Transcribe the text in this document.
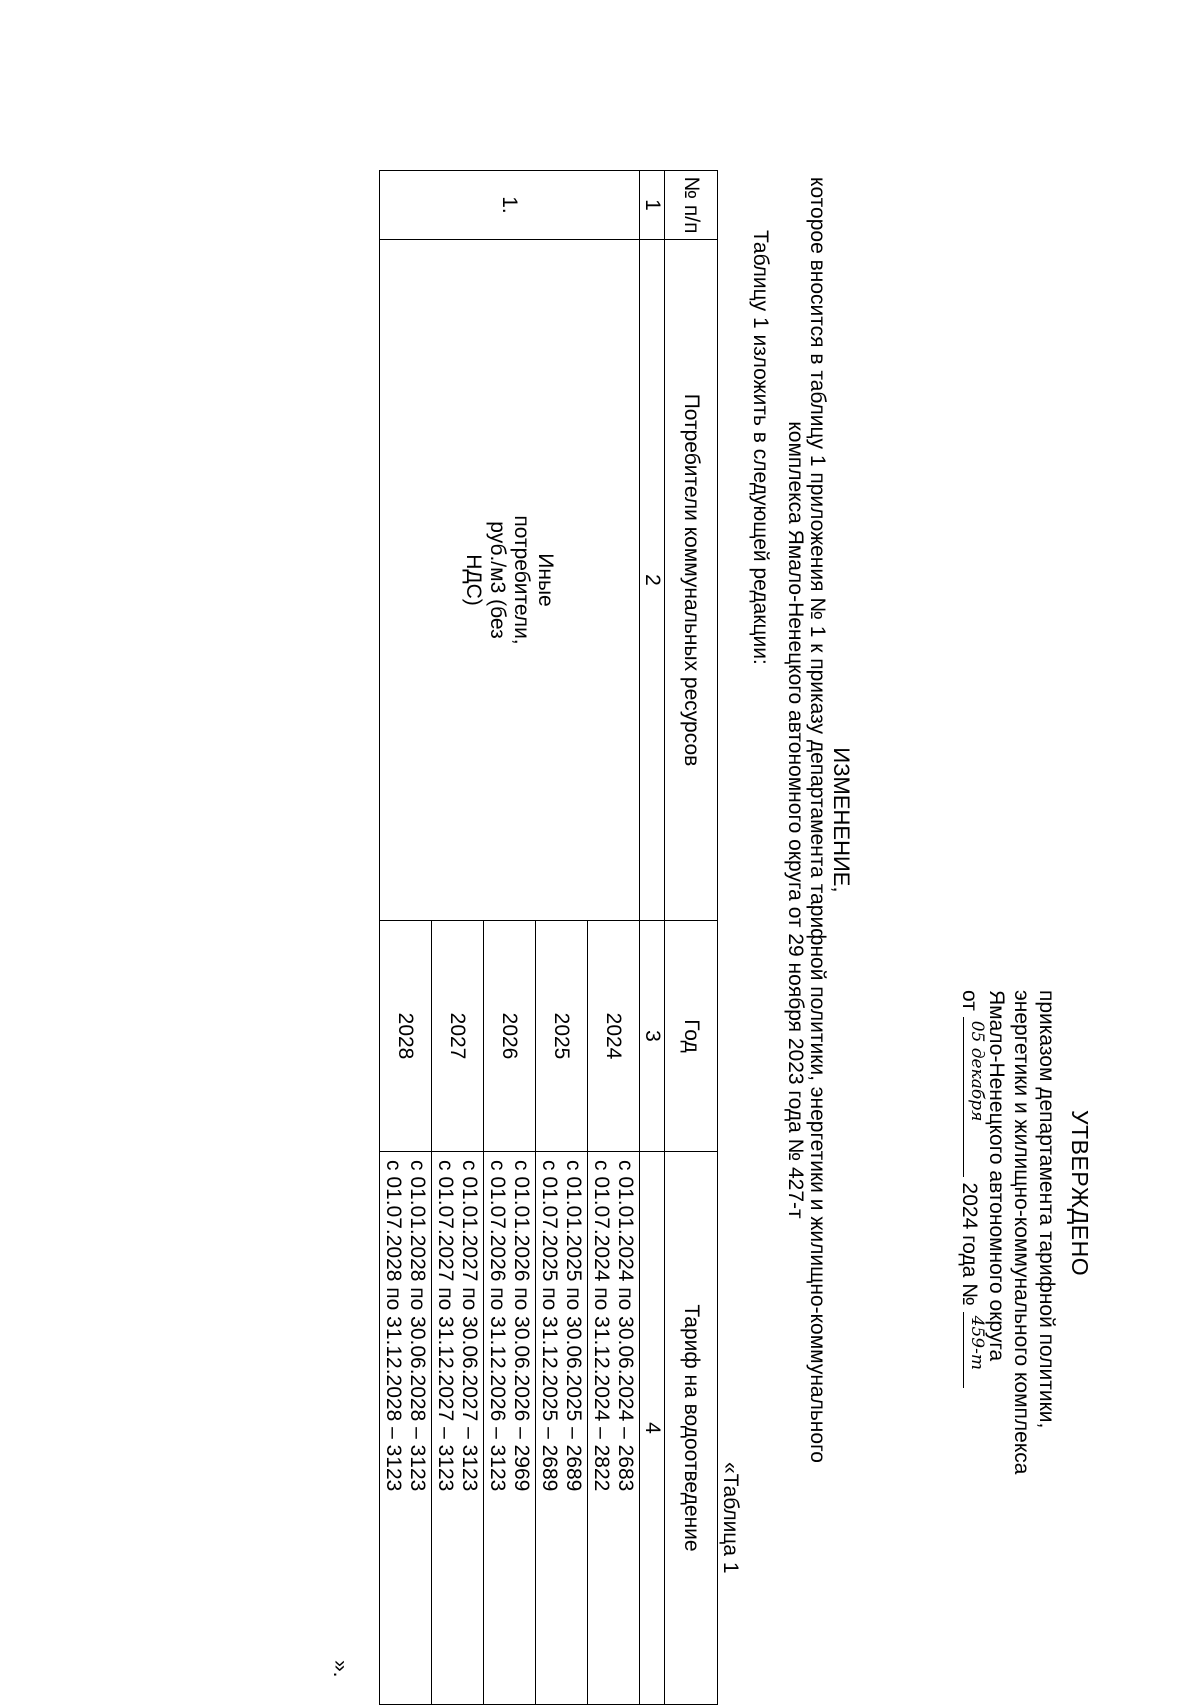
УТВЕРЖДЕНО
приказом департамента тарифной политики,
энергетики и жилищно-коммунального комплекса
Ямало-Ненецкого автономного округа
от
05 декабря
2024 года №
459-т
ИЗМЕНЕНИЕ,
которое вносится в таблицу 1 приложения № 1 к приказу департамента тарифной политики, энергетики и жилищно-коммунального
комплекса Ямало-Ненецкого автономного округа от 29 ноября 2023 года № 427-т
Таблицу 1 изложить в следующей редакции:
«Таблица 1
№ п/п	Потребители коммунальных ресурсов	Год	Тариф на водоотведение
1	2	3	4
1.	Иные потребители, руб./м3 (без НДС)	2024	с 01.01.2024 по 30.06.2024 – 2683
с 01.07.2024 по 31.12.2024 – 2822

		2025	с 01.01.2025 по 30.06.2025 – 2689
с 01.07.2025 по 31.12.2025 – 2689

		2026	с 01.01.2026 по 30.06.2026 – 2969
с 01.07.2026 по 31.12.2026 – 3123

		2027	с 01.01.2027 по 30.06.2027 – 3123
с 01.07.2027 по 31.12.2027 – 3123

		2028	с 01.01.2028 по 30.06.2028 – 3123
с 01.07.2028 по 31.12.2028 – 3123
».
